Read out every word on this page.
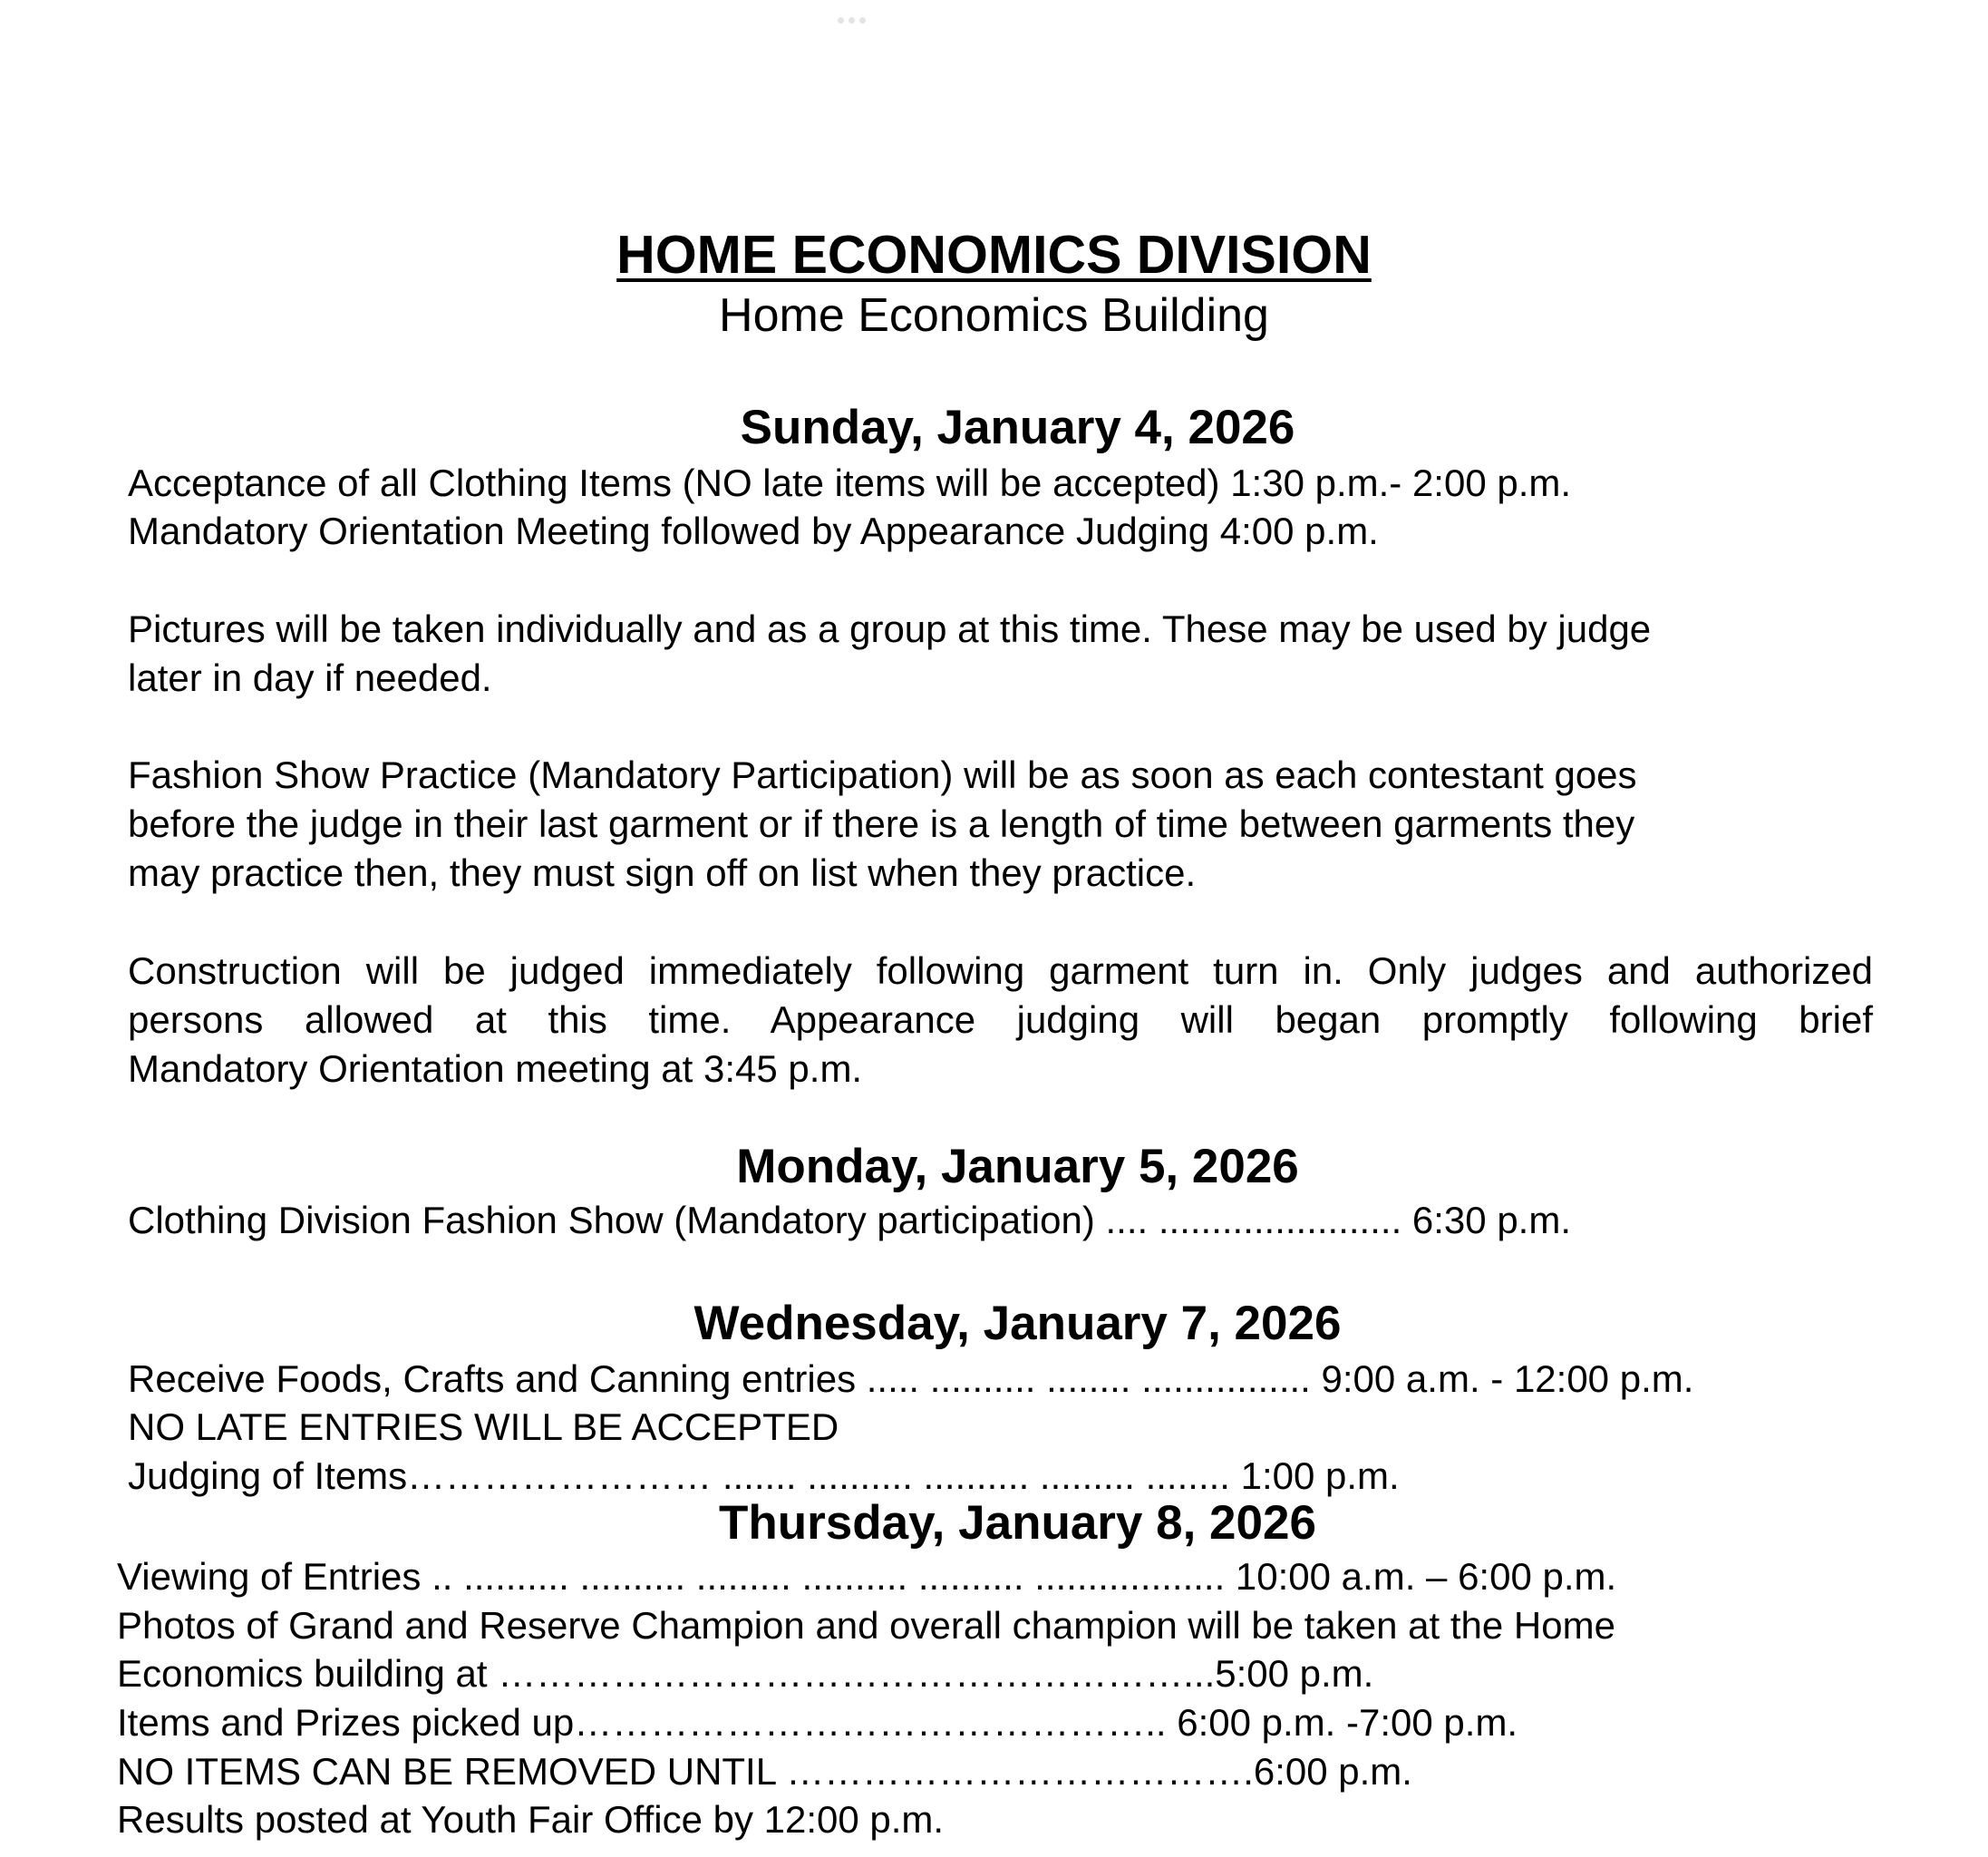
HOME ECONOMICS DIVISION
Home Economics Building
Sunday, January 4, 2026
Acceptance of all Clothing Items (NO late items will be accepted) 1:30 p.m.- 2:00 p.m.
Mandatory Orientation Meeting followed by Appearance Judging 4:00 p.m.
Pictures will be taken individually and as a group at this time. These may be used by judge
later in day if needed.
Fashion Show Practice (Mandatory Participation) will be as soon as each contestant goes
before the judge in their last garment or if there is a length of time between garments they
may practice then, they must sign off on list when they practice.
Construction will be judged immediately following garment turn in. Only judges and authorized
persons allowed at this time. Appearance judging will began promptly following brief
Mandatory Orientation meeting at 3:45 p.m.
Monday, January 5, 2026
Clothing Division Fashion Show (Mandatory participation) .... ....................... 6:30 p.m.
Wednesday, January 7, 2026
Receive Foods, Crafts and Canning entries ..... .......... ........ ................ 9:00 a.m. - 12:00 p.m.
NO LATE ENTRIES WILL BE ACCEPTED
Judging of Items…………………… ....... .......... .......... ......... ........ 1:00 p.m.
Thursday, January 8, 2026
Viewing of Entries .. .......... .......... ......... .......... .......... .................. 10:00 a.m. – 6:00 p.m.
Photos of Grand and Reserve Champion and overall champion will be taken at the Home
Economics building at ………………………………………………...5:00 p.m.
Items and Prizes picked up……………………………………….. 6:00 p.m. -7:00 p.m.
NO ITEMS CAN BE REMOVED UNTIL ……………………………….6:00 p.m.
Results posted at Youth Fair Office by 12:00 p.m.
